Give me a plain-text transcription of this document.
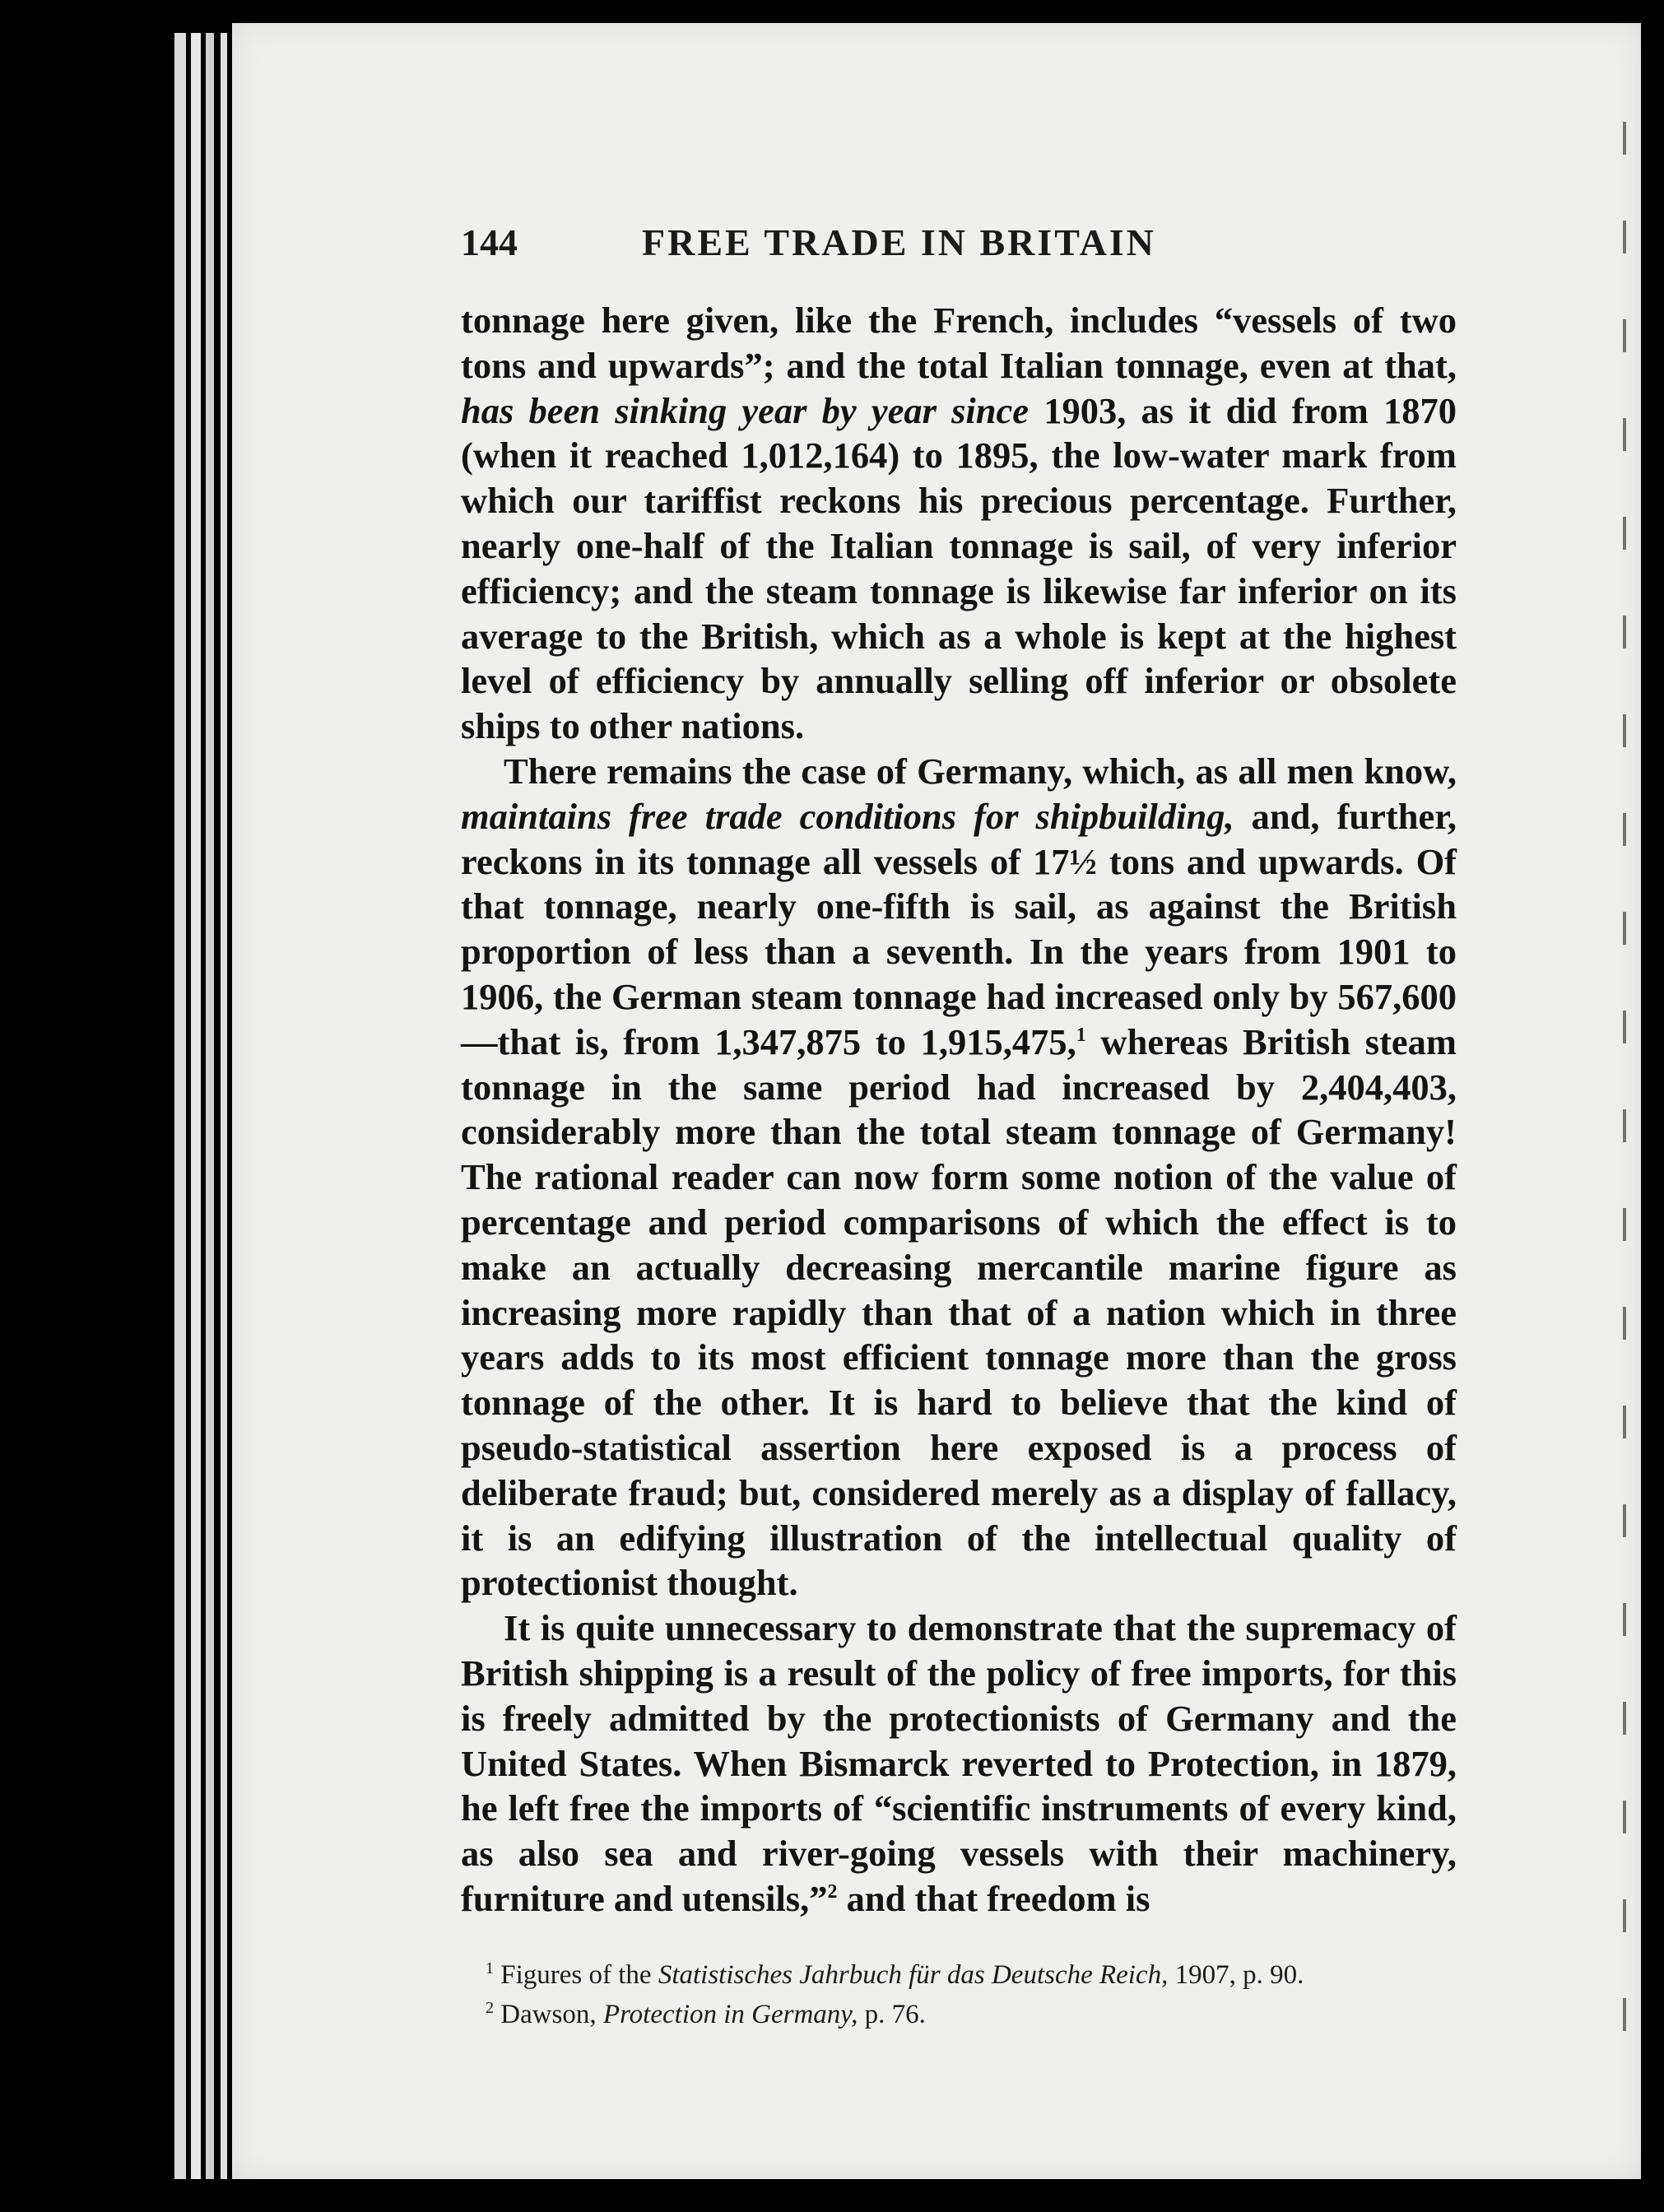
144	FREE TRADE IN BRITAIN

tonnage here given, like the French, includes “vessels of two tons and upwards”; and the total Italian tonnage, even at that, has been sinking year by year since 1903, as it did from 1870 (when it reached 1,012,164) to 1895, the low-water mark from which our tariffist reckons his precious percentage. Further, nearly one-half of the Italian tonnage is sail, of very inferior efficiency; and the steam tonnage is likewise far inferior on its average to the British, which as a whole is kept at the highest level of efficiency by annually selling off inferior or obsolete ships to other nations.

There remains the case of Germany, which, as all men know, maintains free trade conditions for shipbuilding, and, further, reckons in its tonnage all vessels of 17½ tons and upwards. Of that tonnage, nearly one-fifth is sail, as against the British proportion of less than a seventh. In the years from 1901 to 1906, the German steam tonnage had increased only by 567,600—that is, from 1,347,875 to 1,915,475,$^1$ whereas British steam tonnage in the same period had increased by 2,404,403, considerably more than the total steam tonnage of Germany! The rational reader can now form some notion of the value of percentage and period comparisons of which the effect is to make an actually decreasing mercantile marine figure as increasing more rapidly than that of a nation which in three years adds to its most efficient tonnage more than the gross tonnage of the other. It is hard to believe that the kind of pseudo-statistical assertion here exposed is a process of deliberate fraud; but, considered merely as a display of fallacy, it is an edifying illustration of the intellectual quality of protectionist thought.

It is quite unnecessary to demonstrate that the supremacy of British shipping is a result of the policy of free imports, for this is freely admitted by the protectionists of Germany and the United States. When Bismarck reverted to Protection, in 1879, he left free the imports of “scientific instruments of every kind, as also sea and river-going vessels with their machinery, furniture and utensils,”$^2$ and that freedom is

$^1$ Figures of the Statistisches Jahrbuch für das Deutsche Reich, 1907, p. 90.

$^2$ Dawson, Protection in Germany, p. 76.
